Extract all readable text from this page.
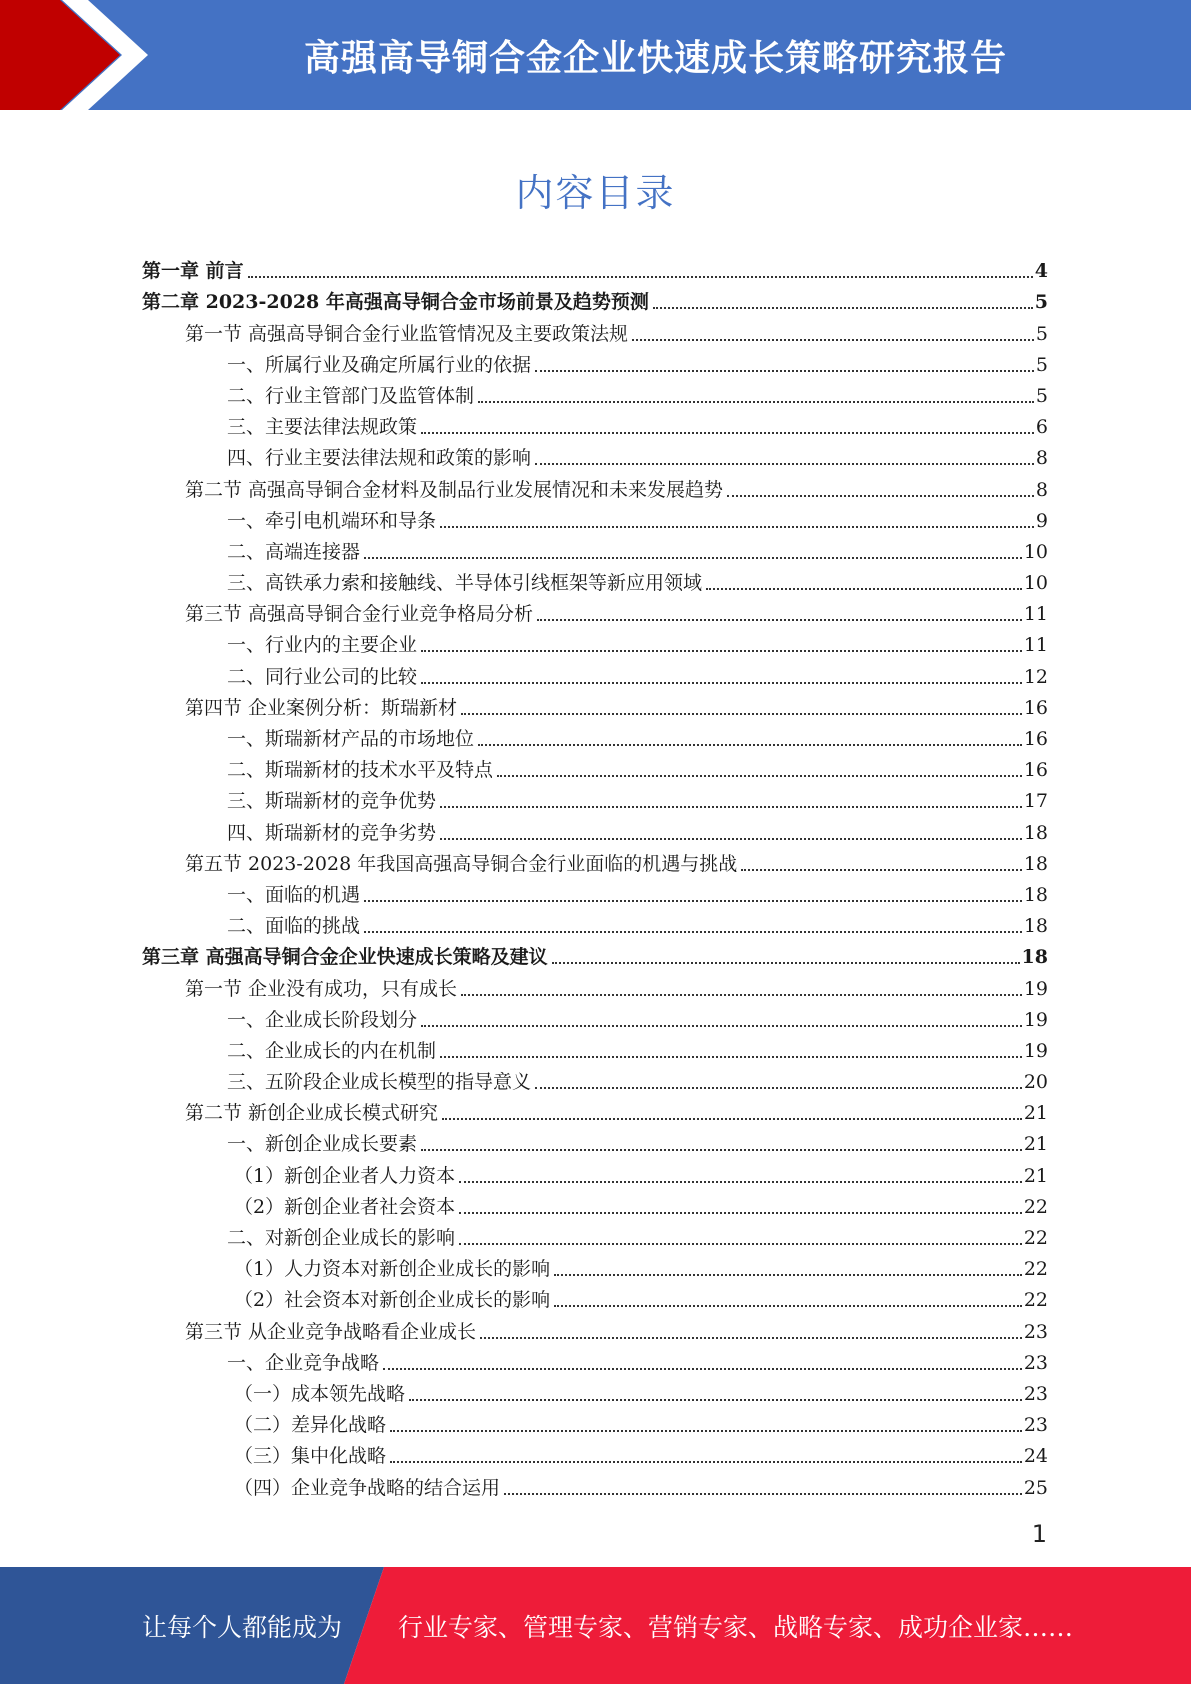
高强高导铜合金企业快速成长策略研究报告
内容目录
第一章 前言	4
第二章 2023-2028 年高强高导铜合金市场前景及趋势预测	5
第一节 高强高导铜合金行业监管情况及主要政策法规	5
一、所属行业及确定所属行业的依据	5
二、行业主管部门及监管体制	5
三、主要法律法规政策	6
四、行业主要法律法规和政策的影响	8
第二节 高强高导铜合金材料及制品行业发展情况和未来发展趋势	8
一、牵引电机端环和导条	9
二、高端连接器	10
三、高铁承力索和接触线、半导体引线框架等新应用领域	10
第三节 高强高导铜合金行业竞争格局分析	11
一、行业内的主要企业	11
二、同行业公司的比较	12
第四节 企业案例分析：斯瑞新材	16
一、斯瑞新材产品的市场地位	16
二、斯瑞新材的技术水平及特点	16
三、斯瑞新材的竞争优势	17
四、斯瑞新材的竞争劣势	18
第五节 2023-2028 年我国高强高导铜合金行业面临的机遇与挑战	18
一、面临的机遇	18
二、面临的挑战	18
第三章 高强高导铜合金企业快速成长策略及建议	18
第一节 企业没有成功，只有成长	19
一、企业成长阶段划分	19
二、企业成长的内在机制	19
三、五阶段企业成长模型的指导意义	20
第二节 新创企业成长模式研究	21
一、新创企业成长要素	21
（1）新创企业者人力资本	21
（2）新创企业者社会资本	22
二、对新创企业成长的影响	22
（1）人力资本对新创企业成长的影响	22
（2）社会资本对新创企业成长的影响	22
第三节 从企业竞争战略看企业成长	23
一、企业竞争战略	23
（一）成本领先战略	23
（二）差异化战略	23
（三）集中化战略	24
（四）企业竞争战略的结合运用	25
1
让每个人都能成为 行业专家、管理专家、营销专家、战略专家、成功企业家……
